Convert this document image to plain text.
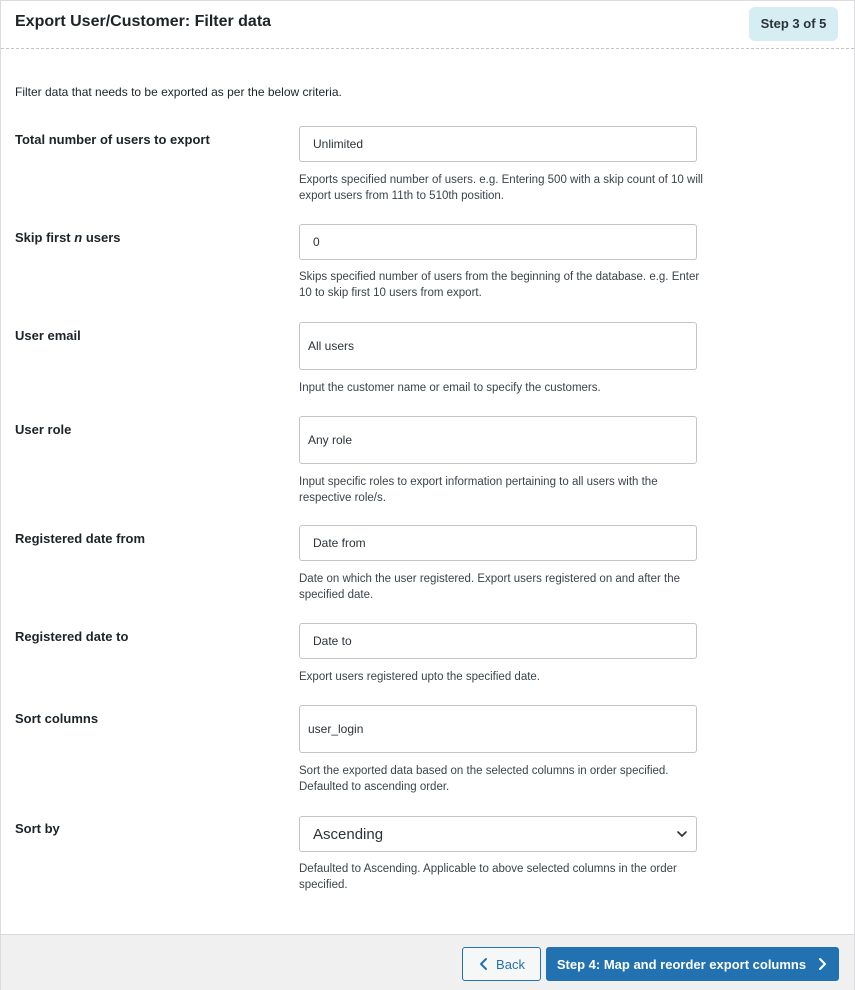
Export User/Customer: Filter data	Step 3 of 5
Filter data that needs to be exported as per the below criteria.
Total number of users to export
Unlimited
Exports specified number of users. e.g. Entering 500 with a skip count of 10 will export users from 11th to 510th position.
Skip first n users
0
Skips specified number of users from the beginning of the database. e.g. Enter 10 to skip first 10 users from export.
User email
All users
Input the customer name or email to specify the customers.
User role
Any role
Input specific roles to export information pertaining to all users with the respective role/s.
Registered date from
Date from
Date on which the user registered. Export users registered on and after the specified date.
Registered date to
Date to
Export users registered upto the specified date.
Sort columns
user_login
Sort the exported data based on the selected columns in order specified. Defaulted to ascending order.
Sort by	Ascending
Defaulted to Ascending. Applicable to above selected columns in the order specified.
Back Step 4: Map and reorder export columns
